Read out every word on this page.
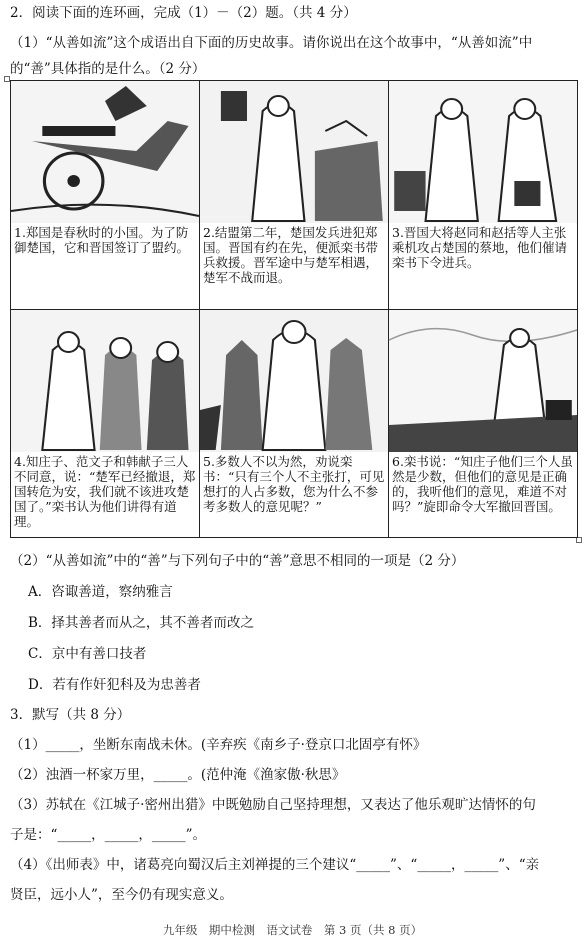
2．阅读下面的连环画，完成（1）－（2）题。（共 4 分）
（1）“从善如流”这个成语出自下面的历史故事。请你说出在这个故事中，“从善如流”中
的“善”具体指的是什么。（2 分）
1.郑国是春秋时的小国。为了防御楚国，它和晋国签订了盟约。	2.结盟第二年，楚国发兵进犯郑国。晋国有约在先，便派栾书带兵救援。晋军途中与楚军相遇，楚军不战而退。	3.晋国大将赵同和赵括等人主张乘机攻占楚国的蔡地，他们催请栾书下令进兵。

4.知庄子、范文子和韩献子三人不同意，说：“楚军已经撤退，郑国转危为安，我们就不该进攻楚国了。”栾书认为他们讲得有道理。	5.多数人不以为然，劝说栾书：“只有三个人不主张打，可见想打的人占多数，您为什么不参考多数人的意见呢？”	6.栾书说：“知庄子他们三个人虽然是少数，但他们的意见是正确的，我听他们的意见，难道不对吗？”旋即命令大军撤回晋国。
（2）“从善如流”中的“善”与下列句子中的“善”意思不相同的一项是（2 分）
A．咨诹善道，察纳雅言
B．择其善者而从之，其不善者而改之
C．京中有善口技者
D．若有作奸犯科及为忠善者
3．默写（共 8 分）
（1）_____，坐断东南战未休。(辛弃疾《南乡子·登京口北固亭有怀》
（2）浊酒一杯家万里，_____。(范仲淹《渔家傲·秋思》
（3）苏轼在《江城子·密州出猎》中既勉励自己坚持理想，又表达了他乐观旷达情怀的句
子是：“_____，_____，_____”。
（4）《出师表》中，诸葛亮向蜀汉后主刘禅提的三个建议“_____”、“_____，_____”、“亲
贤臣，远小人”，至今仍有现实意义。
九年级　期中检测　语文试卷　第 3 页（共 8 页）
